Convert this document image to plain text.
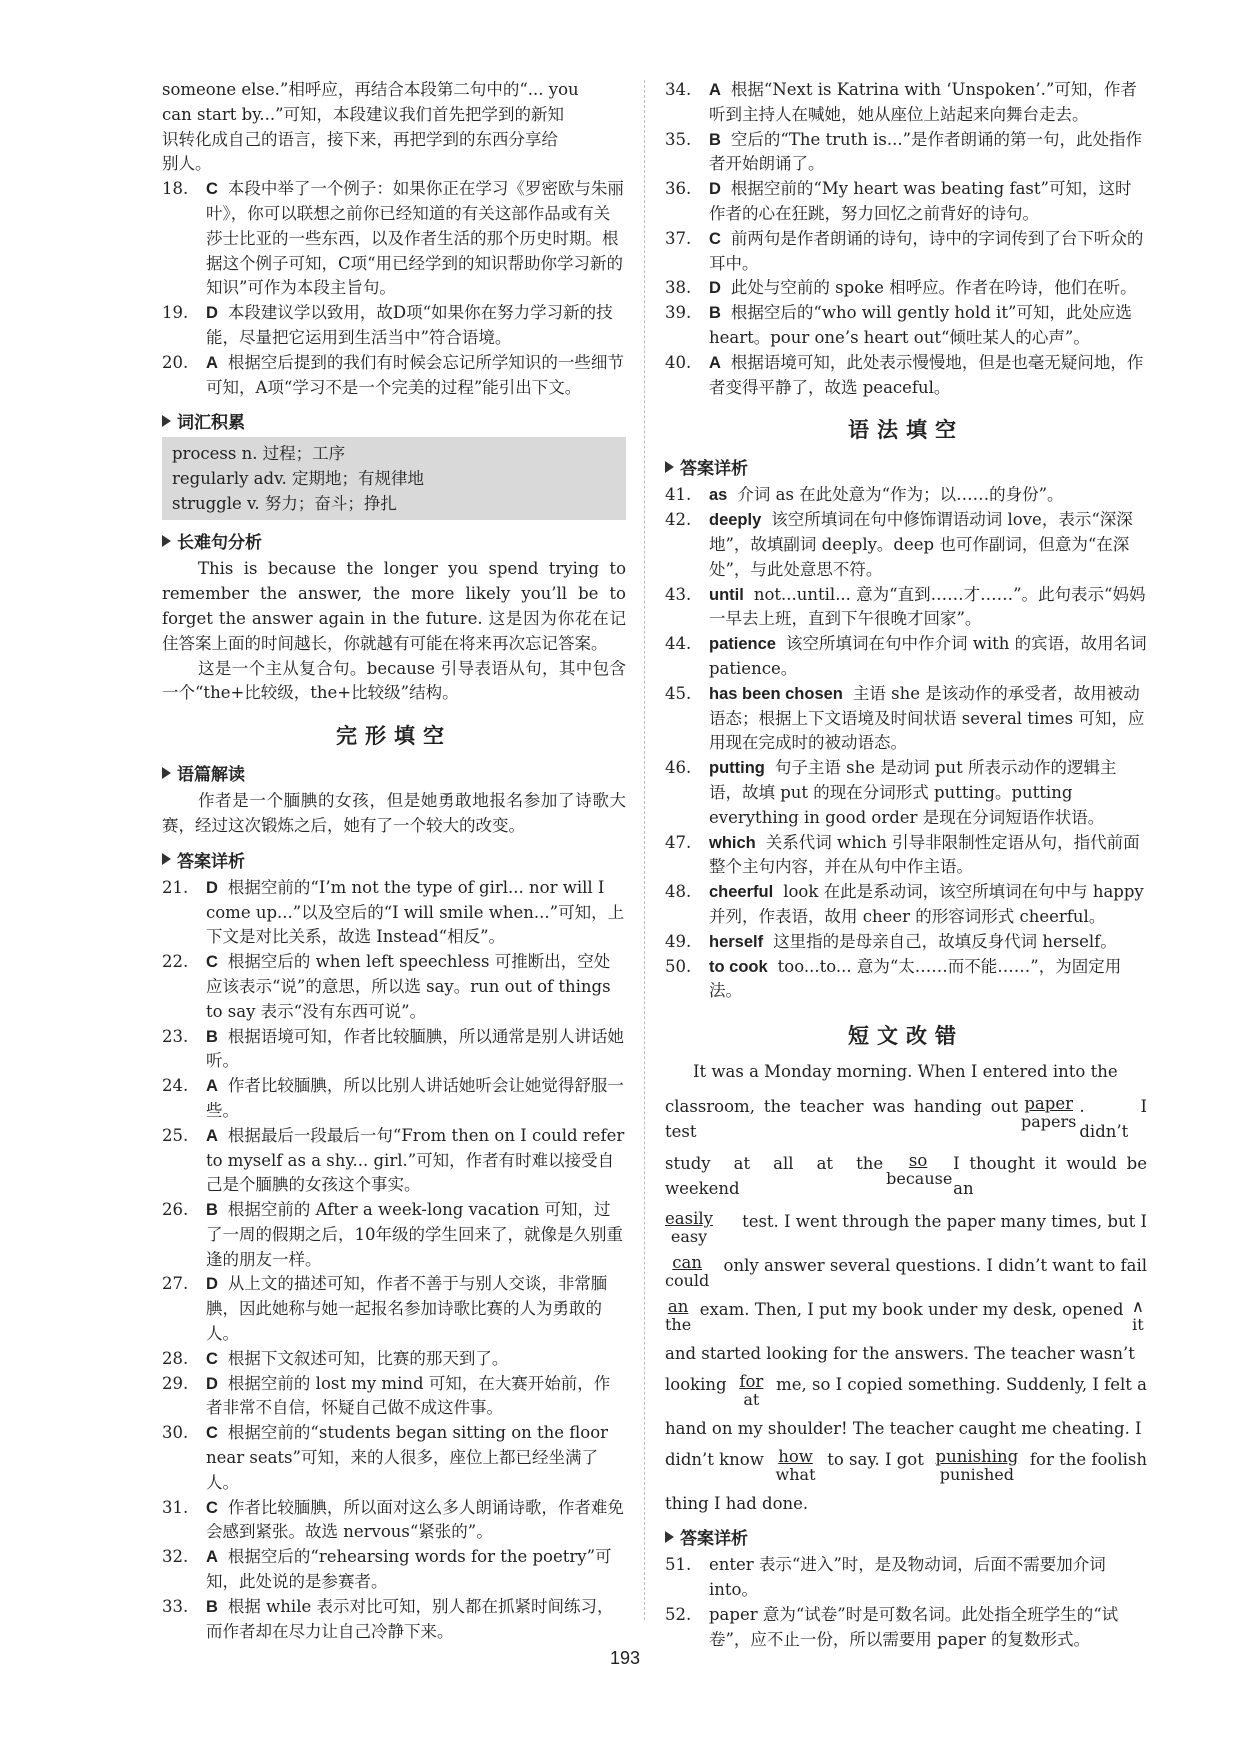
someone else.”相呼应，再结合本段第二句中的“... you
can start by...”可知，本段建议我们首先把学到的新知
识转化成自己的语言，接下来，再把学到的东西分享给
别人。
18. C 本段中举了一个例子：如果你正在学习《罗密欧与朱丽叶》，你可以联想之前你已经知道的有关这部作品或有关莎士比亚的一些东西，以及作者生活的那个历史时期。根据这个例子可知，C项“用已经学到的知识帮助你学习新的知识”可作为本段主旨句。
19. D 本段建议学以致用，故D项“如果你在努力学习新的技能，尽量把它运用到生活当中”符合语境。
20. A 根据空后提到的我们有时候会忘记所学知识的一些细节可知，A项“学习不是一个完美的过程”能引出下文。
词汇积累
process n. 过程；工序
regularly adv. 定期地；有规律地
struggle v. 努力；奋斗；挣扎
长难句分析

This is because the longer you spend trying to remember the answer, the more likely you’ll be to forget the answer again in the future. 这是因为你花在记住答案上面的时间越长，你就越有可能在将来再次忘记答案。

这是一个主从复合句。because 引导表语从句，其中包含一个“the+比较级，the+比较级”结构。

完形填空
语篇解读

作者是一个腼腆的女孩，但是她勇敢地报名参加了诗歌大赛，经过这次锻炼之后，她有了一个较大的改变。

答案详析
21. D 根据空前的“I’m not the type of girl... nor will I come up...”以及空后的“I will smile when...”可知，上下文是对比关系，故选 Instead“相反”。
22. C 根据空后的 when left speechless 可推断出，空处应该表示“说”的意思，所以选 say。run out of things to say 表示“没有东西可说”。
23. B 根据语境可知，作者比较腼腆，所以通常是别人讲话她听。
24. A 作者比较腼腆，所以比别人讲话她听会让她觉得舒服一些。
25. A 根据最后一段最后一句“From then on I could refer to myself as a shy... girl.”可知，作者有时难以接受自己是个腼腆的女孩这个事实。
26. B 根据空前的 After a week-long vacation 可知，过了一周的假期之后，10年级的学生回来了，就像是久别重逢的朋友一样。
27. D 从上文的描述可知，作者不善于与别人交谈，非常腼腆，因此她称与她一起报名参加诗歌比赛的人为勇敢的人。
28. C 根据下文叙述可知，比赛的那天到了。
29. D 根据空前的 lost my mind 可知，在大赛开始前，作者非常不自信，怀疑自己做不成这件事。
30. C 根据空前的“students began sitting on the floor near seats”可知，来的人很多，座位上都已经坐满了人。
31. C 作者比较腼腆，所以面对这么多人朗诵诗歌，作者难免会感到紧张。故选 nervous“紧张的”。
32. A 根据空后的“rehearsing words for the poetry”可知，此处说的是参赛者。
33. B 根据 while 表示对比可知，别人都在抓紧时间练习，而作者却在尽力让自己冷静下来。
34. A 根据“Next is Katrina with ‘Unspoken’.”可知，作者听到主持人在喊她，她从座位上站起来向舞台走去。
35. B 空后的“The truth is...”是作者朗诵的第一句，此处指作者开始朗诵了。
36. D 根据空前的“My heart was beating fast”可知，这时作者的心在狂跳，努力回忆之前背好的诗句。
37. C 前两句是作者朗诵的诗句，诗中的字词传到了台下听众的耳中。
38. D 此处与空前的 spoke 相呼应。作者在吟诗，他们在听。
39. B 根据空后的“who will gently hold it”可知，此处应选 heart。pour one’s heart out“倾吐某人的心声”。
40. A 根据语境可知，此处表示慢慢地，但是也毫无疑问地，作者变得平静了，故选 peaceful。
语法填空
答案详析
41. as 介词 as 在此处意为“作为；以……的身份”。
42. deeply 该空所填词在句中修饰谓语动词 love，表示“深深地”，故填副词 deeply。deep 也可作副词，但意为“在深处”，与此处意思不符。
43. until not...until... 意为“直到……才……”。此句表示“妈妈一早去上班，直到下午很晚才回家”。
44. patience 该空所填词在句中作介词 with 的宾语，故用名词 patience。
45. has been chosen 主语 she 是该动作的承受者，故用被动语态；根据上下文语境及时间状语 several times 可知，应用现在完成时的被动语态。
46. putting 句子主语 she 是动词 put 所表示动作的逻辑主语，故填 put 的现在分词形式 putting。putting everything in good order 是现在分词短语作状语。
47. which 关系代词 which 引导非限制性定语从句，指代前面整个主句内容，并在从句中作主语。
48. cheerful look 在此是系动词，该空所填词在句中与 happy 并列，作表语，故用 cheer 的形容词形式 cheerful。
49. herself 这里指的是母亲自己，故填反身代词 herself。
50. to cook too...to... 意为“太……而不能……”，为固定用法。
短文改错
It was a Monday morning. When I entered into the
classroom, the teacher was handing out test
paper
papers
. I didn’t
study at all at the weekend
so
because
I thought it would be an
easily
easy
test. I went through the paper many times, but I
can
could
only answer several questions. I didn’t want to fail
an
the
exam. Then, I put my book under my desk, opened ∧
it
and started looking for the answers. The teacher wasn’t
looking for
at
me, so I copied something. Suddenly, I felt a
hand on my shoulder! The teacher caught me cheating. I
didn’t know how
what
to say. I got punishing
punished
for the foolish
thing I had done.
答案详析
51. enter 表示“进入”时，是及物动词，后面不需要加介词 into。
52. paper 意为“试卷”时是可数名词。此处指全班学生的“试卷”，应不止一份，所以需要用 paper 的复数形式。
193
